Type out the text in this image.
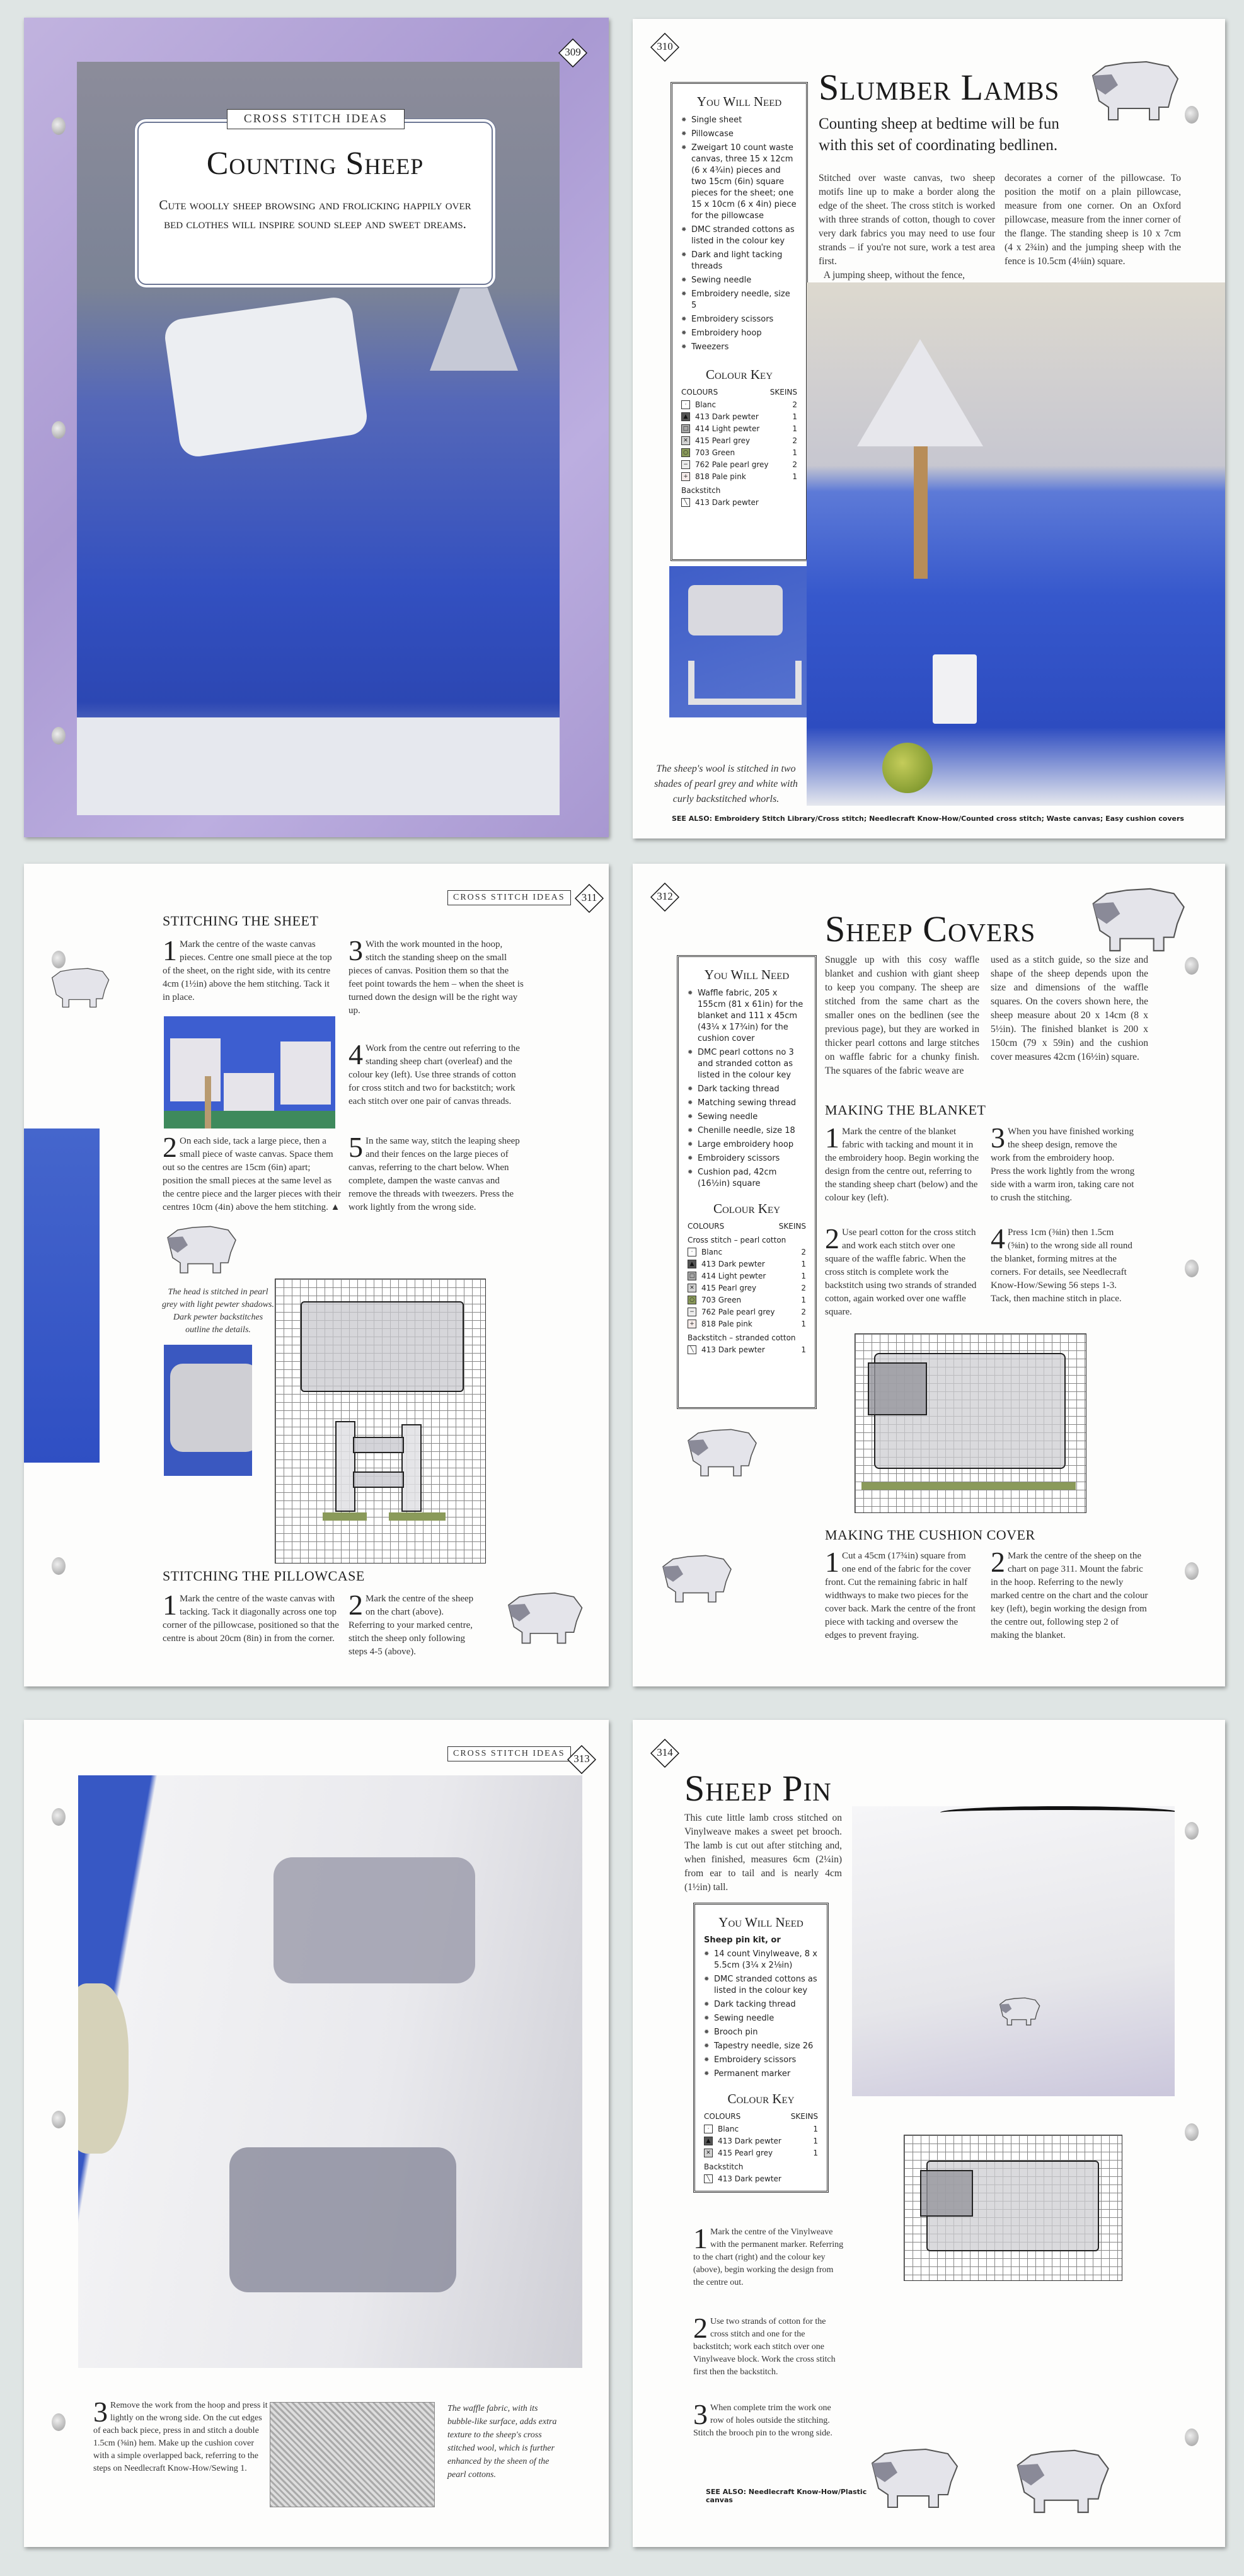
309
CROSS STITCH IDEAS
Counting Sheep
Cute woolly sheep browsing and frolicking happily over bed clothes will inspire sound sleep and sweet dreams.
310
Slumber Lambs
Counting sheep at bedtime will be fun with this set of coordinating bedlinen.
Stitched over waste canvas, two sheep motifs line up to make a border along the edge of the sheet. The cross stitch is worked with three strands of cotton, though to cover very dark fabrics you may need to use four strands – if you're not sure, work a test area first.
A jumping sheep, without the fence,
decorates a corner of the pillowcase. To position the motif on a plain pillowcase, measure from one corner. On an Oxford pillowcase, measure from the inner corner of the flange. The standing sheep is 10 x 7cm (4 x 2¾in) and the jumping sheep with the fence is 10.5cm (4⅛in) square.
You Will Need
✹ Single sheet
✹ Pillowcase
✹ Zweigart 10 count waste canvas, three 15 x 12cm (6 x 4¾in) pieces and two 15cm (6in) square pieces for the sheet; one 15 x 10cm (6 x 4in) piece for the pillowcase
✹ DMC stranded cottons as listed in the colour key
✹ Dark and light tacking threads
✹ Sewing needle
✹ Embroidery needle, size 5
✹ Embroidery scissors
✹ Embroidery hoop
✹ Tweezers
Colour Key
COLOURS	SKEINS
·	Blanc	2
▲ 413 Dark pewter	1
□ 414 Light pewter	1
✕ 415 Pearl grey	2
○ 703 Green	1
− 762 Pale pearl grey	2
+ 818 Pale pink	1
Backstitch
╲	413 Dark pewter
The sheep's wool is stitched in two shades of pearl grey and white with curly backstitched whorls.
SEE ALSO: Embroidery Stitch Library/Cross stitch; Needlecraft Know-How/Counted cross stitch; Waste canvas; Easy cushion covers
CROSS STITCH IDEAS	311
STITCHING THE SHEET
1 Mark the centre of the waste canvas pieces. Centre one small piece at the top of the sheet, on the right side, with its centre 4cm (1½in) above the hem stitching. Tack it in place.
2 On each side, tack a large piece, then a small piece of waste canvas. Space them out so the centres are 15cm (6in) apart; position the small pieces at the same level as the centre piece and the larger pieces with their centres 10cm (4in) above the hem stitching. ▲
3 With the work mounted in the hoop, stitch the standing sheep on the small pieces of canvas. Position them so that the feet point towards the hem – when the sheet is turned down the design will be the right way up.
4 Work from the centre out referring to the standing sheep chart (overleaf) and the colour key (left). Use three strands of cotton for cross stitch and two for backstitch; work each stitch over one pair of canvas threads.
5 In the same way, stitch the leaping sheep and their fences on the large pieces of canvas, referring to the chart below. When complete, dampen the waste canvas and remove the threads with tweezers. Press the work lightly from the wrong side.
The head is stitched in pearl grey with light pewter shadows. Dark pewter backstitches outline the details.
STITCHING THE PILLOWCASE
1 Mark the centre of the waste canvas with tacking. Tack it diagonally across one top corner of the pillowcase, positioned so that the centre is about 20cm (8in) in from the corner.
2 Mark the centre of the sheep on the chart (above). Referring to your marked centre, stitch the sheep only following steps 4-5 (above).
312
Sheep Covers
Snuggle up with this cosy waffle blanket and cushion with giant sheep to keep you company. The sheep are stitched from the same chart as the smaller ones on the bedlinen (see the previous page), but they are worked in thicker pearl cottons and large stitches on waffle fabric for a chunky finish. The squares of the fabric weave are
used as a stitch guide, so the size and shape of the sheep depends upon the size and dimensions of the waffle squares. On the covers shown here, the sheep measure about 20 x 14cm (8 x 5½in). The finished blanket is 200 x 150cm (79 x 59in) and the cushion cover measures 42cm (16½in) square.
You Will Need
✹ Waffle fabric, 205 x 155cm (81 x 61in) for the blanket and 111 x 45cm (43¼ x 17¾in) for the cushion cover
✹ DMC pearl cottons no 3 and stranded cotton as listed in the colour key
✹ Dark tacking thread
✹ Matching sewing thread
✹ Sewing needle
✹ Chenille needle, size 18
✹ Large embroidery hoop
✹ Embroidery scissors
✹ Cushion pad, 42cm (16½in) square
Colour Key
COLOURS	SKEINS
Cross stitch – pearl cotton
·	Blanc	2
▲ 413 Dark pewter	1
□ 414 Light pewter	1
✕ 415 Pearl grey	2
○ 703 Green	1
− 762 Pale pearl grey	2
+ 818 Pale pink	1
Backstitch – stranded cotton
╲	413 Dark pewter	1
MAKING THE BLANKET
1 Mark the centre of the blanket fabric with tacking and mount it in the embroidery hoop. Begin working the design from the centre out, referring to the standing sheep chart (below) and the colour key (left).
2 Use pearl cotton for the cross stitch and work each stitch over one square of the waffle fabric. When the cross stitch is complete work the backstitch using two strands of stranded cotton, again worked over one waffle square.
3 When you have finished working the sheep design, remove the work from the embroidery hoop. Press the work lightly from the wrong side with a warm iron, taking care not to crush the stitching.
4 Press 1cm (⅜in) then 1.5cm (⅝in) to the wrong side all round the blanket, forming mitres at the corners. For details, see Needlecraft Know-How/Sewing 56 steps 1-3. Tack, then machine stitch in place.
MAKING THE CUSHION COVER
1 Cut a 45cm (17¾in) square from one end of the fabric for the cover front. Cut the remaining fabric in half widthways to make two pieces for the cover back. Mark the centre of the front piece with tacking and oversew the edges to prevent fraying.
2 Mark the centre of the sheep on the chart on page 311. Mount the fabric in the hoop. Referring to the newly marked centre on the chart and the colour key (left), begin working the design from the centre out, following step 2 of making the blanket.
CROSS STITCH IDEAS 313
3 Remove the work from the hoop and press it lightly on the wrong side. On the cut edges of each back piece, press in and stitch a double 1.5cm (⅝in) hem. Make up the cushion cover with a simple overlapped back, referring to the steps on Needlecraft Know-How/Sewing 1.
The waffle fabric, with its bubble-like surface, adds extra texture to the sheep's cross stitched wool, which is further enhanced by the sheen of the pearl cottons.
314
Sheep Pin
This cute little lamb cross stitched on Vinylweave makes a sweet pet brooch. The lamb is cut out after stitching and, when finished, measures 6cm (2¼in) from ear to tail and is nearly 4cm (1½in) tall.
You Will Need
Sheep pin kit, or
✹ 14 count Vinylweave, 8 x 5.5cm (3¼ x 2⅛in)
✹ DMC stranded cottons as listed in the colour key
✹ Dark tacking thread
✹ Sewing needle
✹ Brooch pin
✹ Tapestry needle, size 26
✹ Embroidery scissors
✹ Permanent marker
Colour Key
COLOURS	SKEINS
·	Blanc	1
▲ 413 Dark pewter	1
✕ 415 Pearl grey	1
Backstitch
╲	413 Dark pewter
1 Mark the centre of the Vinylweave with the permanent marker. Referring to the chart (right) and the colour key (above), begin working the design from the centre out.
2 Use two strands of cotton for the cross stitch and one for the backstitch; work each stitch over one Vinylweave block. Work the cross stitch first then the backstitch.
3 When complete trim the work one row of holes outside the stitching. Stitch the brooch pin to the wrong side.
SEE ALSO: Needlecraft Know-How/Plastic canvas
